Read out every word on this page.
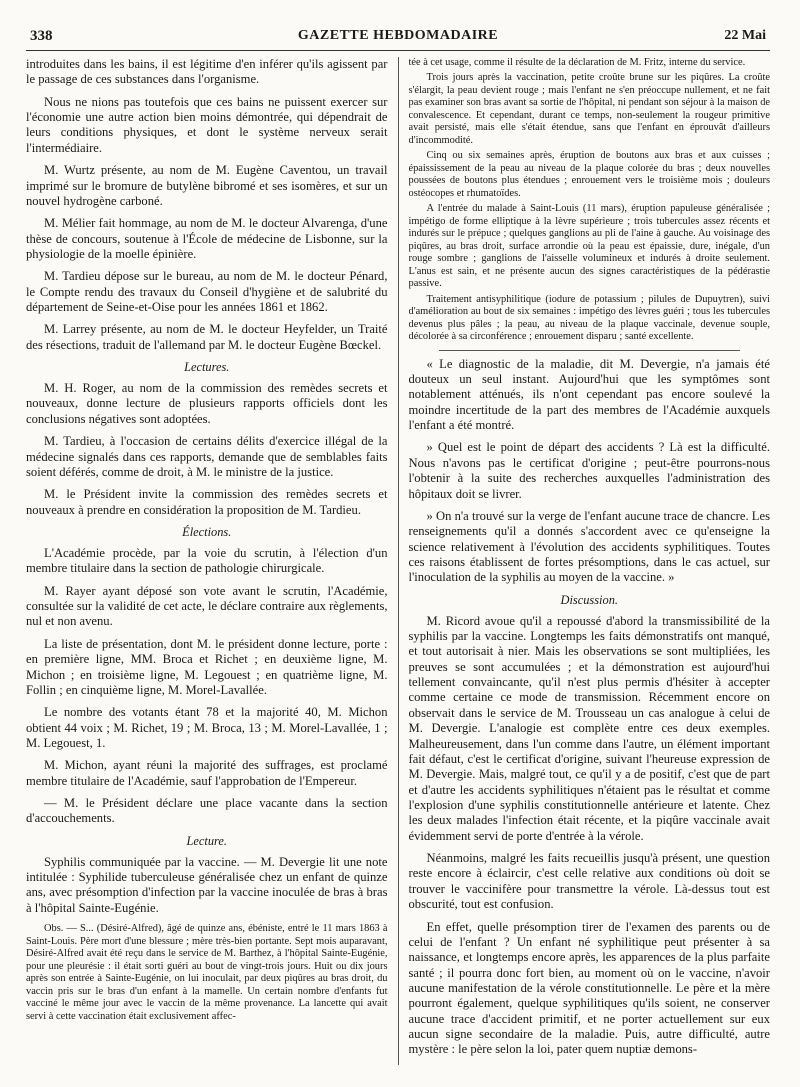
338	GAZETTE HEBDOMADAIRE	22 Mai

introduites dans les bains, il est légitime d'en inférer qu'ils agissent par le passage de ces substances dans l'organisme.

Nous ne nions pas toutefois que ces bains ne puissent exercer sur l'économie une autre action bien moins démontrée, qui dépendrait de leurs conditions physiques, et dont le système nerveux serait l'intermédiaire.

M. Wurtz présente, au nom de M. Eugène Caventou, un travail imprimé sur le bromure de butylène bibromé et ses isomères, et sur un nouvel hydrogène carboné.

M. Mélier fait hommage, au nom de M. le docteur Alvarenga, d'une thèse de concours, soutenue à l'École de médecine de Lisbonne, sur la physiologie de la moelle épinière.

M. Tardieu dépose sur le bureau, au nom de M. le docteur Pénard, le Compte rendu des travaux du Conseil d'hygiène et de salubrité du département de Seine-et-Oise pour les années 1861 et 1862.

M. Larrey présente, au nom de M. le docteur Heyfelder, un Traité des résections, traduit de l'allemand par M. le docteur Eugène Bœckel.

Lectures.

M. H. Roger, au nom de la commission des remèdes secrets et nouveaux, donne lecture de plusieurs rapports officiels dont les conclusions négatives sont adoptées.

M. Tardieu, à l'occasion de certains délits d'exercice illégal de la médecine signalés dans ces rapports, demande que de semblables faits soient déférés, comme de droit, à M. le ministre de la justice.

M. le Président invite la commission des remèdes secrets et nouveaux à prendre en considération la proposition de M. Tardieu.

Élections.

L'Académie procède, par la voie du scrutin, à l'élection d'un membre titulaire dans la section de pathologie chirurgicale.

M. Rayer ayant déposé son vote avant le scrutin, l'Académie, consultée sur la validité de cet acte, le déclare contraire aux règlements, nul et non avenu.

La liste de présentation, dont M. le président donne lecture, porte : en première ligne, MM. Broca et Richet ; en deuxième ligne, M. Michon ; en troisième ligne, M. Legouest ; en quatrième ligne, M. Follin ; en cinquième ligne, M. Morel-Lavallée.

Le nombre des votants étant 78 et la majorité 40, M. Michon obtient 44 voix ; M. Richet, 19 ; M. Broca, 13 ; M. Morel-Lavallée, 1 ; M. Legouest, 1.

M. Michon, ayant réuni la majorité des suffrages, est proclamé membre titulaire de l'Académie, sauf l'approbation de l'Empereur.

— M. le Président déclare une place vacante dans la section d'accouchements.

Lecture.

Syphilis communiquée par la vaccine. — M. Devergie lit une note intitulée : Syphilide tuberculeuse généralisée chez un enfant de quinze ans, avec présomption d'infection par la vaccine inoculée de bras à bras à l'hôpital Sainte-Eugénie.

Obs. — S... (Désiré-Alfred), âgé de quinze ans, ébéniste, entré le 11 mars 1863 à Saint-Louis. Père mort d'une blessure ; mère très-bien portante. Sept mois auparavant, Désiré-Alfred avait été reçu dans le service de M. Barthez, à l'hôpital Sainte-Eugénie, pour une pleurésie : il était sorti guéri au bout de vingt-trois jours. Huit ou dix jours après son entrée à Sainte-Eugénie, on lui inoculait, par deux piqûres au bras droit, du vaccin pris sur le bras d'un enfant à la mamelle. Un certain nombre d'enfants fut vacciné le même jour avec le vaccin de la même provenance. La lancette qui avait servi à cette vaccination était exclusivement affec-

tée à cet usage, comme il résulte de la déclaration de M. Fritz, interne du service.

Trois jours après la vaccination, petite croûte brune sur les piqûres. La croûte s'élargit, la peau devient rouge ; mais l'enfant ne s'en préoccupe nullement, et ne fait pas examiner son bras avant sa sortie de l'hôpital, ni pendant son séjour à la maison de convalescence. Et cependant, durant ce temps, non-seulement la rougeur primitive avait persisté, mais elle s'était étendue, sans que l'enfant en éprouvât d'ailleurs d'incommodité.

Cinq ou six semaines après, éruption de boutons aux bras et aux cuisses ; épaississement de la peau au niveau de la plaque colorée du bras ; deux nouvelles poussées de boutons plus étendues ; enrouement vers le troisième mois ; douleurs ostéocopes et rhumatoïdes.

A l'entrée du malade à Saint-Louis (11 mars), éruption papuleuse généralisée ; impétigo de forme elliptique à la lèvre supérieure ; trois tubercules assez récents et indurés sur le prépuce ; quelques ganglions au pli de l'aine à gauche. Au voisinage des piqûres, au bras droit, surface arrondie où la peau est épaissie, dure, inégale, d'un rouge sombre ; ganglions de l'aisselle volumineux et indurés à droite seulement. L'anus est sain, et ne présente aucun des signes caractéristiques de la pédérastie passive.

Traitement antisyphilitique (iodure de potassium ; pilules de Dupuytren), suivi d'amélioration au bout de six semaines : impétigo des lèvres guéri ; tous les tubercules devenus plus pâles ; la peau, au niveau de la plaque vaccinale, devenue souple, décolorée à sa circonférence ; enrouement disparu ; santé excellente.

« Le diagnostic de la maladie, dit M. Devergie, n'a jamais été douteux un seul instant. Aujourd'hui que les symptômes sont notablement atténués, ils n'ont cependant pas encore soulevé la moindre incertitude de la part des membres de l'Académie auxquels l'enfant a été montré.

» Quel est le point de départ des accidents ? Là est la difficulté. Nous n'avons pas le certificat d'origine ; peut-être pourrons-nous l'obtenir à la suite des recherches auxquelles l'administration des hôpitaux doit se livrer.

» On n'a trouvé sur la verge de l'enfant aucune trace de chancre. Les renseignements qu'il a donnés s'accordent avec ce qu'enseigne la science relativement à l'évolution des accidents syphilitiques. Toutes ces raisons établissent de fortes présomptions, dans le cas actuel, sur l'inoculation de la syphilis au moyen de la vaccine. »

Discussion.

M. Ricord avoue qu'il a repoussé d'abord la transmissibilité de la syphilis par la vaccine. Longtemps les faits démonstratifs ont manqué, et tout autorisait à nier. Mais les observations se sont multipliées, les preuves se sont accumulées ; et la démonstration est aujourd'hui tellement convaincante, qu'il n'est plus permis d'hésiter à accepter comme certaine ce mode de transmission. Récemment encore on observait dans le service de M. Trousseau un cas analogue à celui de M. Devergie. L'analogie est complète entre ces deux exemples. Malheureusement, dans l'un comme dans l'autre, un élément important fait défaut, c'est le certificat d'origine, suivant l'heureuse expression de M. Devergie. Mais, malgré tout, ce qu'il y a de positif, c'est que de part et d'autre les accidents syphilitiques n'étaient pas le résultat et comme l'explosion d'une syphilis constitutionnelle antérieure et latente. Chez les deux malades l'infection était récente, et la piqûre vaccinale avait évidemment servi de porte d'entrée à la vérole.

Néanmoins, malgré les faits recueillis jusqu'à présent, une question reste encore à éclaircir, c'est celle relative aux conditions où doit se trouver le vaccinifère pour transmettre la vérole. Là-dessus tout est obscurité, tout est confusion.

En effet, quelle présomption tirer de l'examen des parents ou de celui de l'enfant ? Un enfant né syphilitique peut présenter à sa naissance, et longtemps encore après, les apparences de la plus parfaite santé ; il pourra donc fort bien, au moment où on le vaccine, n'avoir aucune manifestation de la vérole constitutionnelle. Le père et la mère pourront également, quelque syphilitiques qu'ils soient, ne conserver aucune trace d'accident primitif, et ne porter actuellement sur eux aucun signe secondaire de la maladie. Puis, autre difficulté, autre mystère : le père selon la loi, pater quem nuptiæ demons-
